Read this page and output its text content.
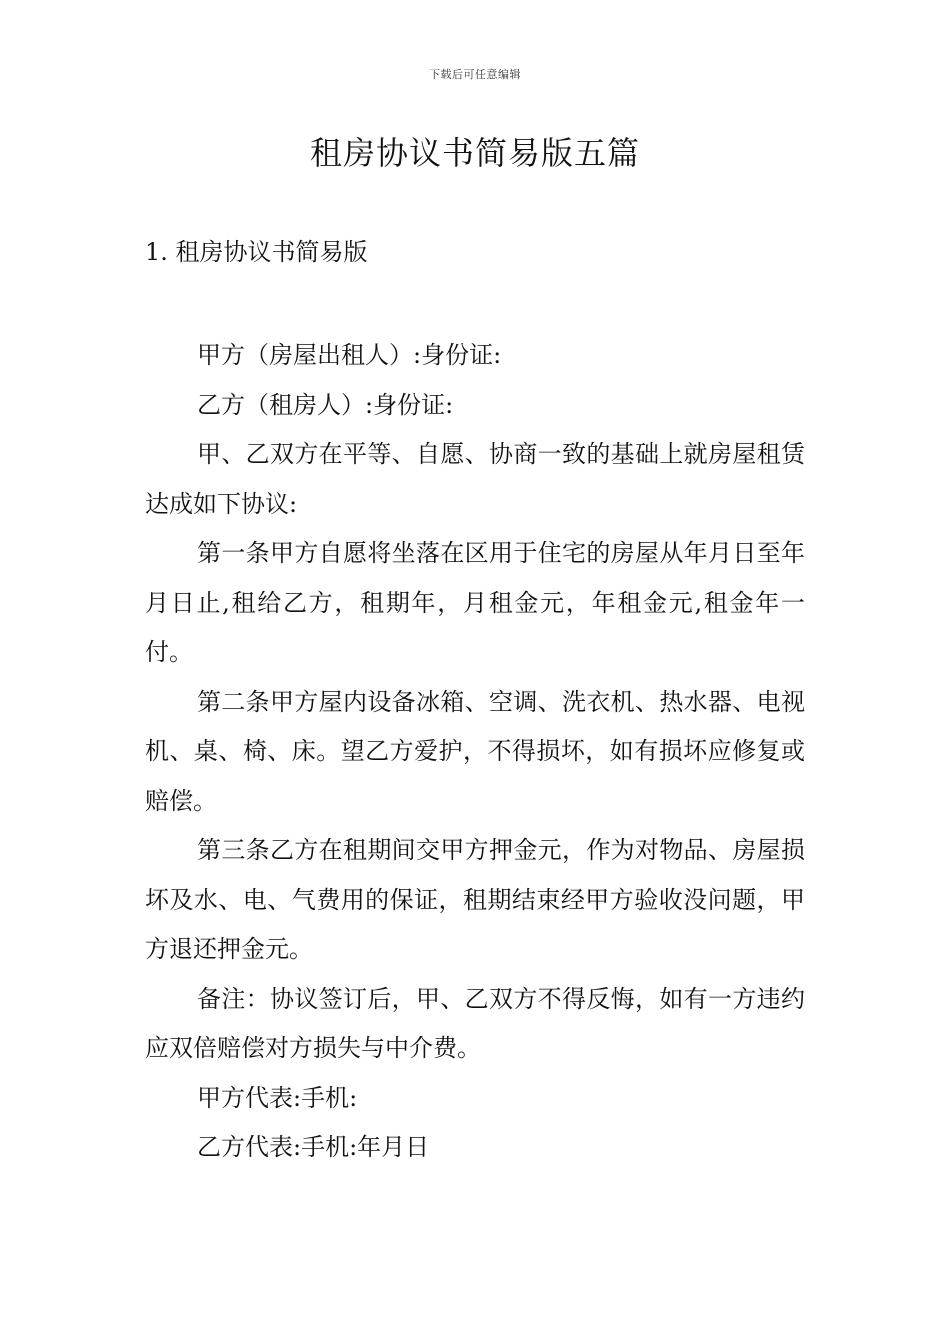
下载后可任意编辑
租房协议书简易版五篇
1. 租房协议书简易版

甲方（房屋出租人）:身份证:

乙方（租房人）:身份证:

甲、乙双方在平等、自愿、协商一致的基础上就房屋租赁达成如下协议:

第一条甲方自愿将坐落在区用于住宅的房屋从年月日至年月日止,租给乙方，租期年，月租金元，年租金元,租金年一付。

第二条甲方屋内设备冰箱、空调、洗衣机、热水器、电视机、桌、椅、床。望乙方爱护，不得损坏，如有损坏应修复或赔偿。

第三条乙方在租期间交甲方押金元，作为对物品、房屋损坏及水、电、气费用的保证，租期结束经甲方验收没问题，甲方退还押金元。

备注：协议签订后，甲、乙双方不得反悔，如有一方违约应双倍赔偿对方损失与中介费。

甲方代表:手机:

乙方代表:手机:年月日
